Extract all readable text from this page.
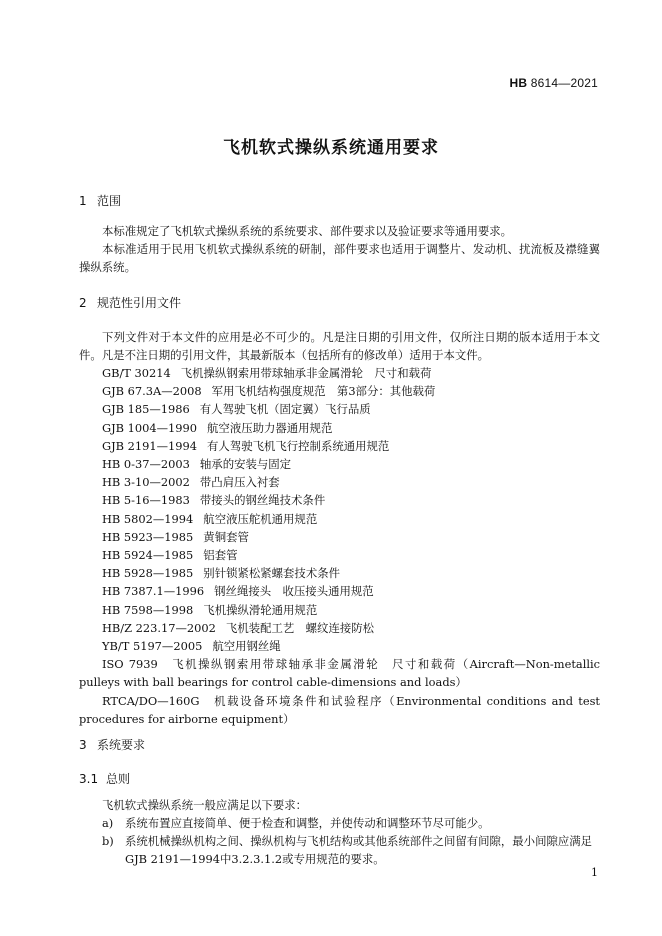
HB 8614—2021
飞机软式操纵系统通用要求
1 范围
本标准规定了飞机软式操纵系统的系统要求、部件要求以及验证要求等通用要求。
本标准适用于民用飞机软式操纵系统的研制，部件要求也适用于调整片、发动机、扰流板及襟缝翼操纵系统。
2 规范性引用文件
下列文件对于本文件的应用是必不可少的。凡是注日期的引用文件，仅所注日期的版本适用于本文件。凡是不注日期的引用文件，其最新版本（包括所有的修改单）适用于本文件。
GB/T 30214 飞机操纵钢索用带球轴承非金属滑轮　尺寸和载荷
GJB 67.3A—2008 军用飞机结构强度规范　第3部分：其他载荷
GJB 185—1986 有人驾驶飞机（固定翼）飞行品质
GJB 1004—1990 航空液压助力器通用规范
GJB 2191—1994 有人驾驶飞机飞行控制系统通用规范
HB 0-37—2003 轴承的安装与固定
HB 3-10—2002 带凸肩压入衬套
HB 5-16—1983 带接头的钢丝绳技术条件
HB 5802—1994 航空液压舵机通用规范
HB 5923—1985 黄铜套管
HB 5924—1985 铝套管
HB 5928—1985 别针锁紧松紧螺套技术条件
HB 7387.1—1996 钢丝绳接头　收压接头通用规范
HB 7598—1998 飞机操纵滑轮通用规范
HB/Z 223.17—2002 飞机装配工艺　螺纹连接防松
YB/T 5197—2005 航空用钢丝绳
ISO 7939　飞机操纵钢索用带球轴承非金属滑轮　尺寸和载荷（Aircraft—Non-metallic pulleys with ball bearings for control cable-dimensions and loads）
RTCA/DO—160G　机载设备环境条件和试验程序（Environmental conditions and test procedures for airborne equipment）
3 系统要求
3.1 总则
飞机软式操纵系统一般应满足以下要求：
a)	系统布置应直接简单、便于检查和调整，并使传动和调整环节尽可能少。
b) 系统机械操纵机构之间、操纵机构与飞机结构或其他系统部件之间留有间隙，最小间隙应满足GJB 2191—1994中3.2.3.1.2或专用规范的要求。
1
